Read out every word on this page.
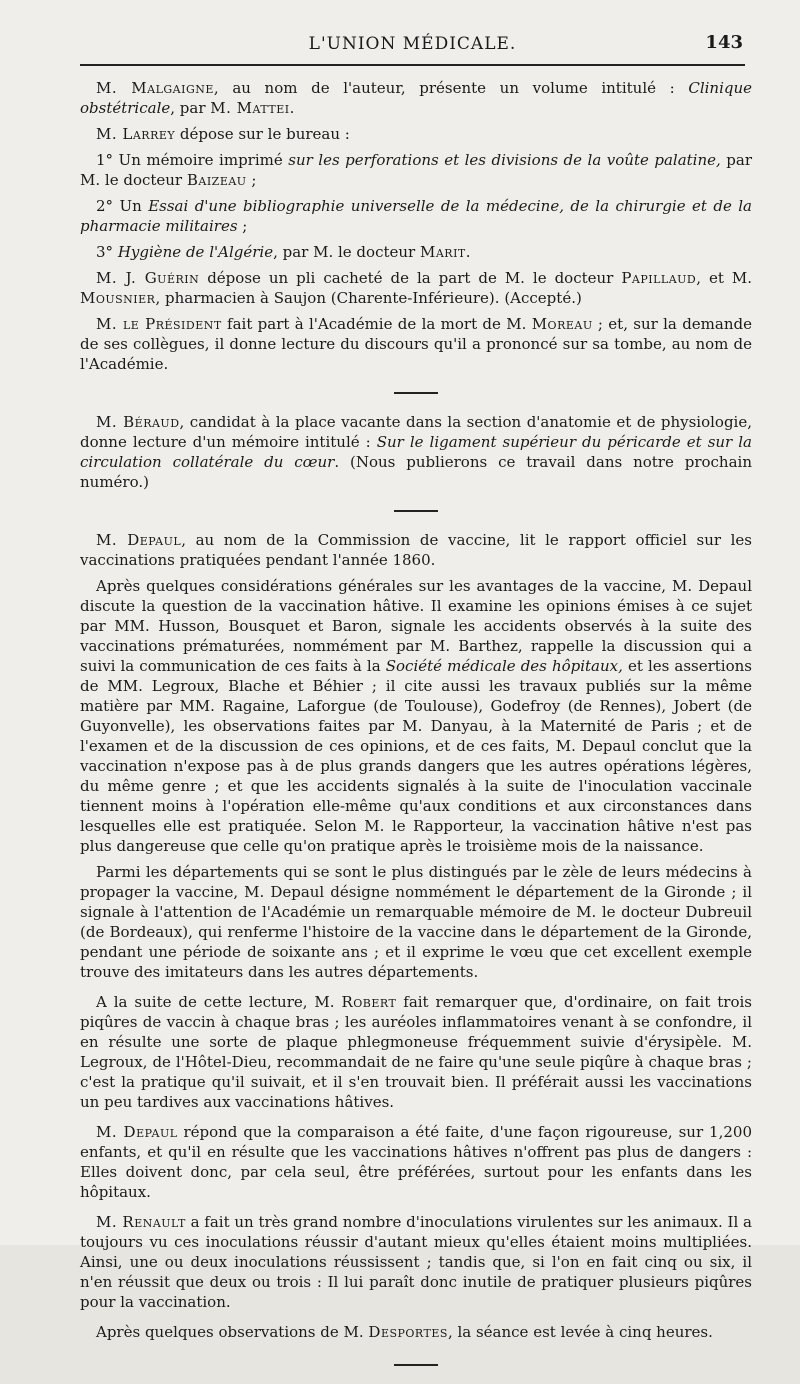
L'UNION MÉDICALE.	143

M. Malgaigne, au nom de l'auteur, présente un volume intitulé : Clinique obstétricale, par M. Mattei.

M. Larrey dépose sur le bureau :

1° Un mémoire imprimé sur les perforations et les divisions de la voûte palatine, par M. le docteur Baizeau ;

2° Un Essai d'une bibliographie universelle de la médecine, de la chirurgie et de la pharmacie militaires ;

3° Hygiène de l'Algérie, par M. le docteur Marit.

M. J. Guérin dépose un pli cacheté de la part de M. le docteur Papillaud, et M. Mousnier, pharmacien à Saujon (Charente-Inférieure). (Accepté.)

M. le Président fait part à l'Académie de la mort de M. Moreau ; et, sur la demande de ses collègues, il donne lecture du discours qu'il a prononcé sur sa tombe, au nom de l'Académie.

M. Béraud, candidat à la place vacante dans la section d'anatomie et de physiologie, donne lecture d'un mémoire intitulé : Sur le ligament supérieur du péricarde et sur la circulation collatérale du cœur. (Nous publierons ce travail dans notre prochain numéro.)

M. Depaul, au nom de la Commission de vaccine, lit le rapport officiel sur les vaccinations pratiquées pendant l'année 1860.

Après quelques considérations générales sur les avantages de la vaccine, M. Depaul discute la question de la vaccination hâtive. Il examine les opinions émises à ce sujet par MM. Husson, Bousquet et Baron, signale les accidents observés à la suite des vaccinations prématurées, nommément par M. Barthez, rappelle la discussion qui a suivi la communication de ces faits à la Société médicale des hôpitaux, et les assertions de MM. Legroux, Blache et Béhier ; il cite aussi les travaux publiés sur la même matière par MM. Ragaine, Laforgue (de Toulouse), Godefroy (de Rennes), Jobert (de Guyonvelle), les observations faites par M. Danyau, à la Maternité de Paris ; et de l'examen et de la discussion de ces opinions, et de ces faits, M. Depaul conclut que la vaccination n'expose pas à de plus grands dangers que les autres opérations légères, du même genre ; et que les accidents signalés à la suite de l'inoculation vaccinale tiennent moins à l'opération elle-même qu'aux conditions et aux circonstances dans lesquelles elle est pratiquée. Selon M. le Rapporteur, la vaccination hâtive n'est pas plus dangereuse que celle qu'on pratique après le troisième mois de la naissance.

Parmi les départements qui se sont le plus distingués par le zèle de leurs médecins à propager la vaccine, M. Depaul désigne nommément le département de la Gironde ; il signale à l'attention de l'Académie un remarquable mémoire de M. le docteur Dubreuil (de Bordeaux), qui renferme l'histoire de la vaccine dans le département de la Gironde, pendant une période de soixante ans ; et il exprime le vœu que cet excellent exemple trouve des imitateurs dans les autres départements.

A la suite de cette lecture, M. Robert fait remarquer que, d'ordinaire, on fait trois piqûres de vaccin à chaque bras ; les auréoles inflammatoires venant à se confondre, il en résulte une sorte de plaque phlegmoneuse fréquemment suivie d'érysipèle. M. Legroux, de l'Hôtel-Dieu, recommandait de ne faire qu'une seule piqûre à chaque bras ; c'est la pratique qu'il suivait, et il s'en trouvait bien. Il préférait aussi les vaccinations un peu tardives aux vaccinations hâtives.

M. Depaul répond que la comparaison a été faite, d'une façon rigoureuse, sur 1,200 enfants, et qu'il en résulte que les vaccinations hâtives n'offrent pas plus de dangers : Elles doivent donc, par cela seul, être préférées, surtout pour les enfants dans les hôpitaux.

M. Renault a fait un très grand nombre d'inoculations virulentes sur les animaux. Il a toujours vu ces inoculations réussir d'autant mieux qu'elles étaient moins multipliées. Ainsi, une ou deux inoculations réussissent ; tandis que, si l'on en fait cinq ou six, il n'en réussit que deux ou trois : Il lui paraît donc inutile de pratiquer plusieurs piqûres pour la vaccination.

Après quelques observations de M. Desportes, la séance est levée à cinq heures.
